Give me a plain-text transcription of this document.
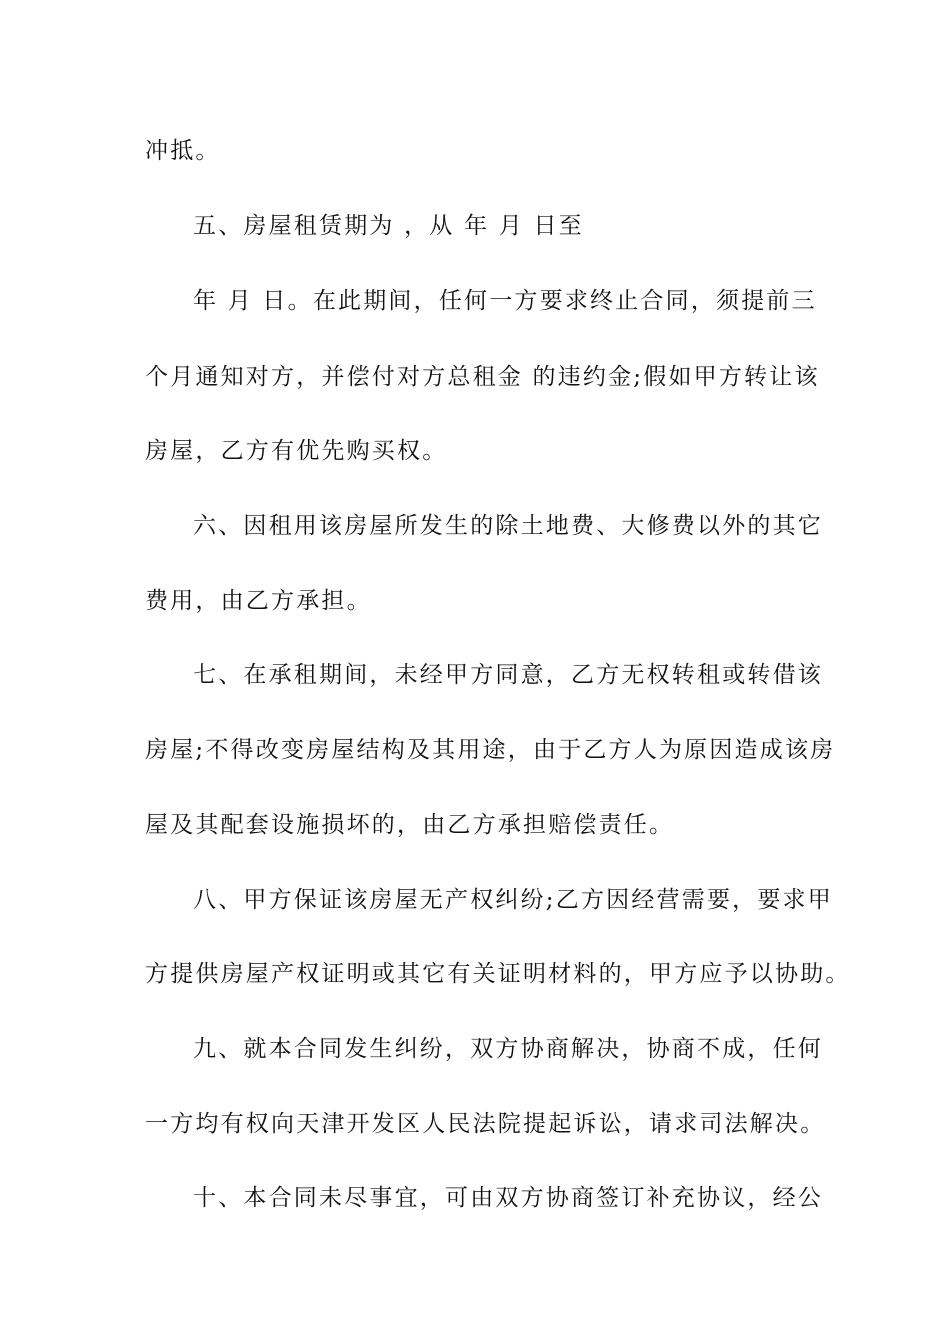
冲抵。
五、房屋租赁期为 ，从 年 月 日至
年 月 日。在此期间，任何一方要求终止合同，须提前三
个月通知对方，并偿付对方总租金 的违约金;假如甲方转让该
房屋，乙方有优先购买权。
六、因租用该房屋所发生的除土地费、大修费以外的其它
费用，由乙方承担。
七、在承租期间，未经甲方同意，乙方无权转租或转借该
房屋;不得改变房屋结构及其用途，由于乙方人为原因造成该房
屋及其配套设施损坏的，由乙方承担赔偿责任。
八、甲方保证该房屋无产权纠纷;乙方因经营需要，要求甲
方提供房屋产权证明或其它有关证明材料的，甲方应予以协助。
九、就本合同发生纠纷，双方协商解决，协商不成，任何
一方均有权向天津开发区人民法院提起诉讼，请求司法解决。
十、本合同未尽事宜，可由双方协商签订补充协议，经公
